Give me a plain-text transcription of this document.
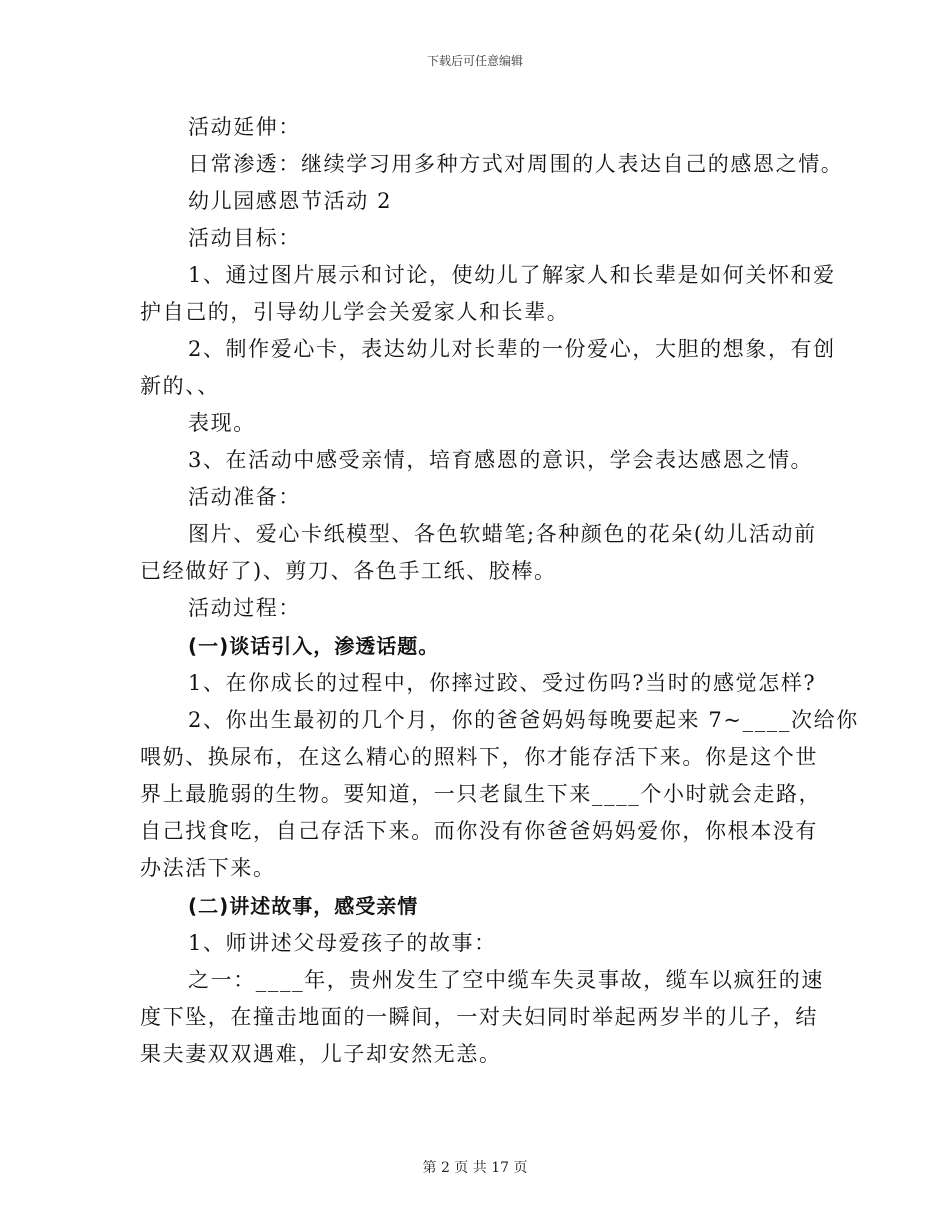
下载后可任意编辑
活动延伸：
日常渗透：继续学习用多种方式对周围的人表达自己的感恩之情。
幼儿园感恩节活动 2
活动目标：
1、通过图片展示和讨论，使幼儿了解家人和长辈是如何关怀和爱
护自己的，引导幼儿学会关爱家人和长辈。
2、制作爱心卡，表达幼儿对长辈的一份爱心，大胆的想象，有创
新的、、
表现。
3、在活动中感受亲情，培育感恩的意识，学会表达感恩之情。
活动准备：
图片、爱心卡纸模型、各色软蜡笔;各种颜色的花朵(幼儿活动前
已经做好了)、剪刀、各色手工纸、胶棒。
活动过程：
(一)谈话引入，渗透话题。
1、在你成长的过程中，你摔过跤、受过伤吗?当时的感觉怎样?
2、你出生最初的几个月，你的爸爸妈妈每晚要起来 7~____次给你
喂奶、换尿布，在这么精心的照料下，你才能存活下来。你是这个世
界上最脆弱的生物。要知道，一只老鼠生下来____个小时就会走路，
自己找食吃，自己存活下来。而你没有你爸爸妈妈爱你，你根本没有
办法活下来。
(二)讲述故事，感受亲情
1、师讲述父母爱孩子的故事：
之一：____年，贵州发生了空中缆车失灵事故，缆车以疯狂的速
度下坠，在撞击地面的一瞬间，一对夫妇同时举起两岁半的儿子，结
果夫妻双双遇难，儿子却安然无恙。
第 2 页 共 17 页
